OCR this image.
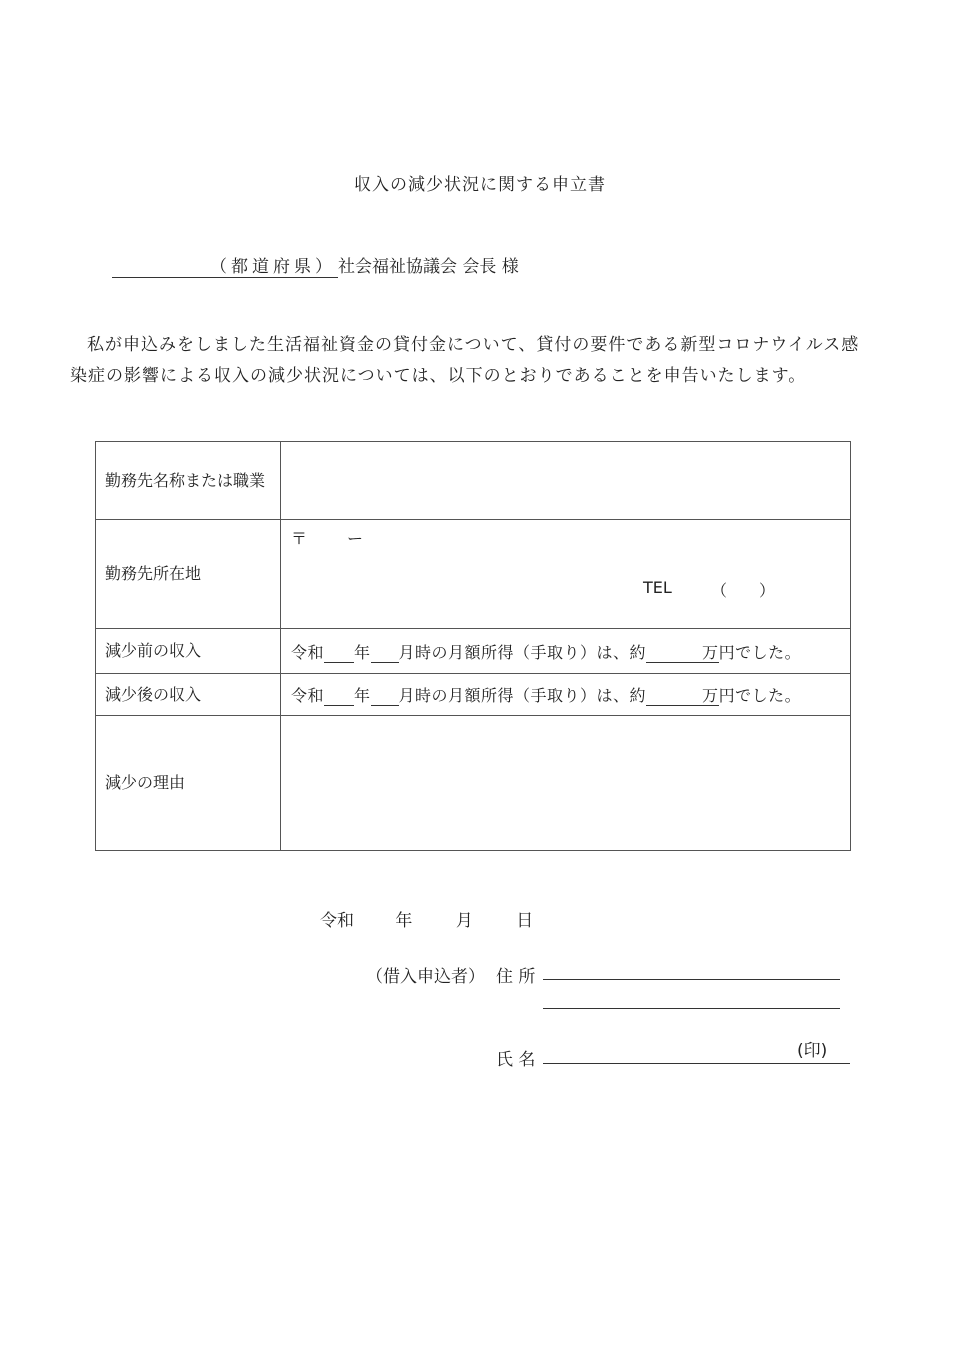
収入の減少状況に関する申立書
（都道府県） 社会福祉協議会 会長 様
私が申込みをしました生活福祉資金の貸付金について、貸付の要件である新型コロナウイルス感染症の影響による収入の減少状況については、以下のとおりであることを申告いたします。
勤務先名称または職業	
勤務先所在地	〒 ー
TEL （　　）

減少前の収入	令和 年 月時の月額所得（手取り）は、約 万円でした。

減少後の収入	令和 年 月時の月額所得（手取り）は、約 万円でした。

減少の理由	
令和 年	月	日
（借入申込者） 住 所
氏 名	(印)
